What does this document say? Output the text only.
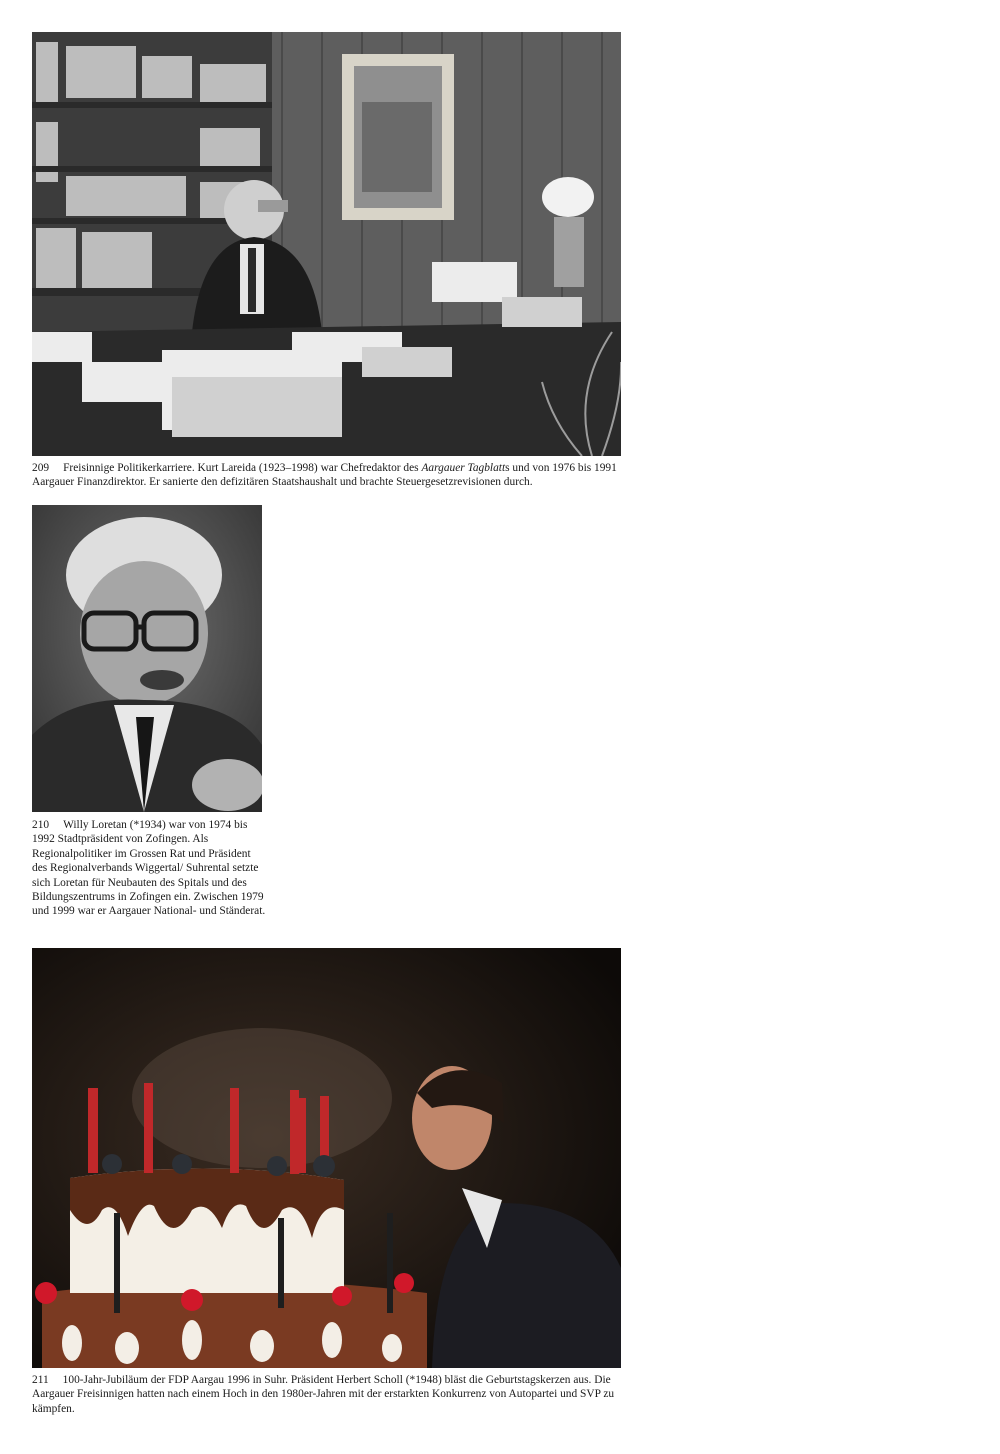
209 Freisinnige Politikerkarriere. Kurt Lareida (1923–1998) war Chefredaktor des Aargauer Tagblatts und von 1976 bis 1991 Aargauer Finanzdirektor. Er sanierte den defizitären Staatshaushalt und brachte Steuergesetzrevisionen durch.

210 Willy Loretan (*1934) war von 1974 bis 1992 Stadtpräsident von Zofingen. Als Regionalpolitiker im Grossen Rat und Präsident des Regionalverbands Wiggertal/ Suhrental setzte sich Loretan für Neubauten des Spitals und des Bildungszentrums in Zofingen ein. Zwischen 1979 und 1999 war er Aargauer National- und Ständerat.

211 100-Jahr-Jubiläum der FDP Aargau 1996 in Suhr. Präsident Herbert Scholl (*1948) bläst die Geburtstagskerzen aus. Die Aargauer Freisinnigen hatten nach einem Hoch in den 1980er-Jahren mit der erstarkten Konkurrenz von Autopartei und SVP zu kämpfen.
